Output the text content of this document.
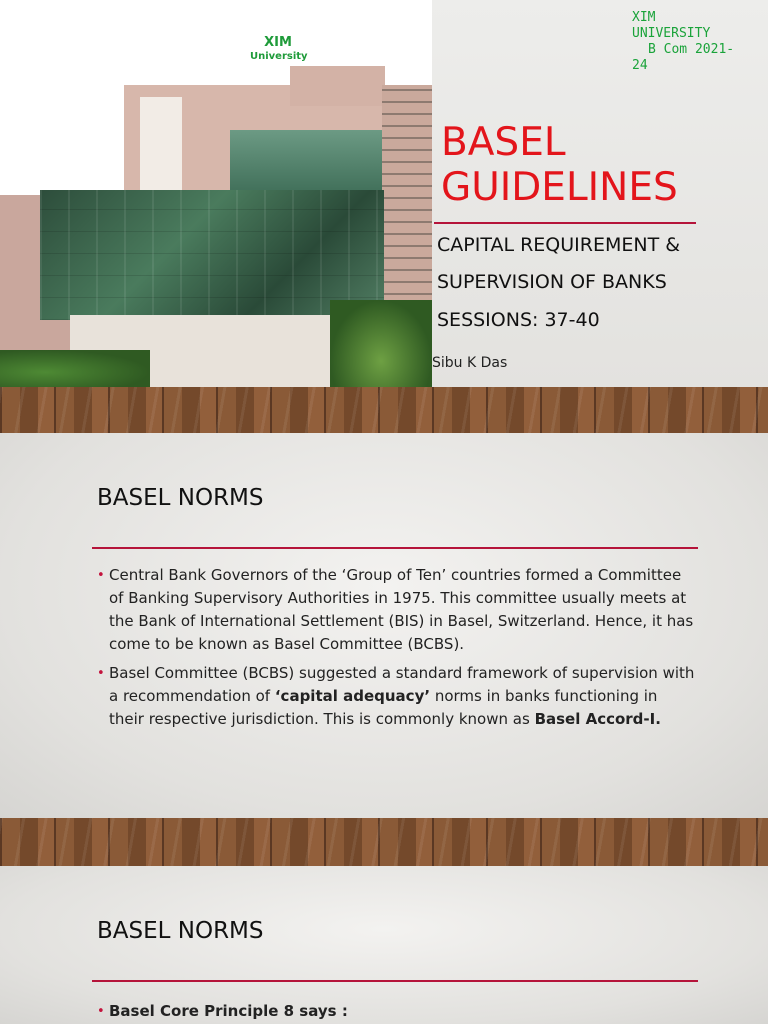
XIM
University
XIM
UNIVERSITY
B Com 2021-
24
BASEL
GUIDELINES
CAPITAL REQUIREMENT &
SUPERVISION OF BANKS
SESSIONS: 37-40
Sibu K Das
BASEL NORMS
• Central Bank Governors of the ‘Group of Ten’ countries formed a Committee of Banking Supervisory Authorities in 1975. This committee usually meets at the Bank of International Settlement (BIS) in Basel, Switzerland. Hence, it has come to be known as Basel Committee (BCBS).
• Basel Committee (BCBS) suggested a standard framework of supervision with a recommendation of ‘capital adequacy’ norms in banks functioning in their respective jurisdiction. This is commonly known as Basel Accord-I.
BASEL NORMS
• Basel Core Principle 8 says :
